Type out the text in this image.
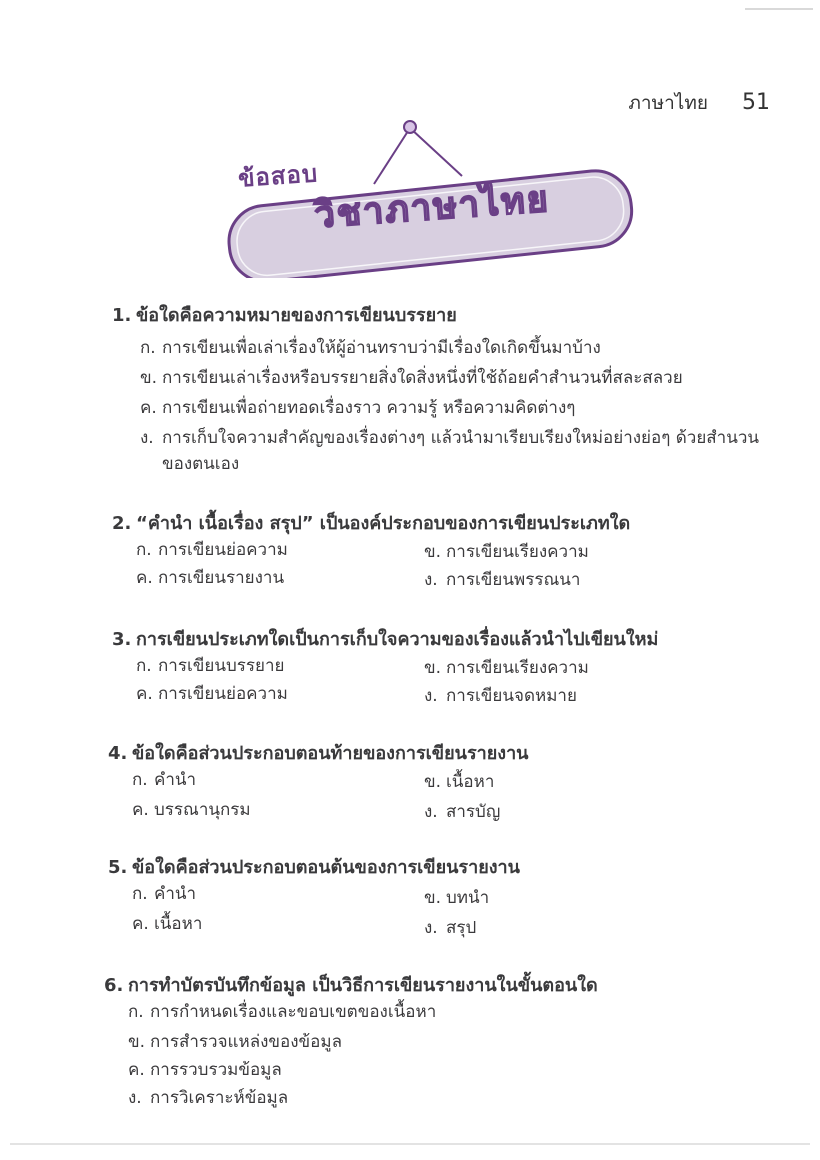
ภาษาไทย 51
ข้อสอบ
วิชาภาษาไทย
1. ข้อใดคือความหมายของการเขียนบรรยาย
ก. การเขียนเพื่อเล่าเรื่องให้ผู้อ่านทราบว่ามีเรื่องใดเกิดขึ้นมาบ้าง
ข. การเขียนเล่าเรื่องหรือบรรยายสิ่งใดสิ่งหนึ่งที่ใช้ถ้อยคำสำนวนที่สละสลวย
ค. การเขียนเพื่อถ่ายทอดเรื่องราว ความรู้ หรือความคิดต่างๆ
ง. การเก็บใจความสำคัญของเรื่องต่างๆ แล้วนำมาเรียบเรียงใหม่อย่างย่อๆ ด้วยสำนวน
ของตนเอง
2. “คำนำ เนื้อเรื่อง สรุป” เป็นองค์ประกอบของการเขียนประเภทใด
ก. การเขียนย่อความ	ข. การเขียนเรียงความ
ค. การเขียนรายงาน	ง. การเขียนพรรณนา
3. การเขียนประเภทใดเป็นการเก็บใจความของเรื่องแล้วนำไปเขียนใหม่
ก. การเขียนบรรยาย	ข. การเขียนเรียงความ
ค. การเขียนย่อความ	ง. การเขียนจดหมาย
4. ข้อใดคือส่วนประกอบตอนท้ายของการเขียนรายงาน
ก. คำนำ	ข. เนื้อหา
ค. บรรณานุกรม	ง. สารบัญ
5. ข้อใดคือส่วนประกอบตอนต้นของการเขียนรายงาน
ก. คำนำ	ข. บทนำ
ค. เนื้อหา	ง. สรุป
6. การทำบัตรบันทึกข้อมูล เป็นวิธีการเขียนรายงานในขั้นตอนใด
ก. การกำหนดเรื่องและขอบเขตของเนื้อหา
ข. การสำรวจแหล่งของข้อมูล
ค. การรวบรวมข้อมูล
ง. การวิเคราะห์ข้อมูล
